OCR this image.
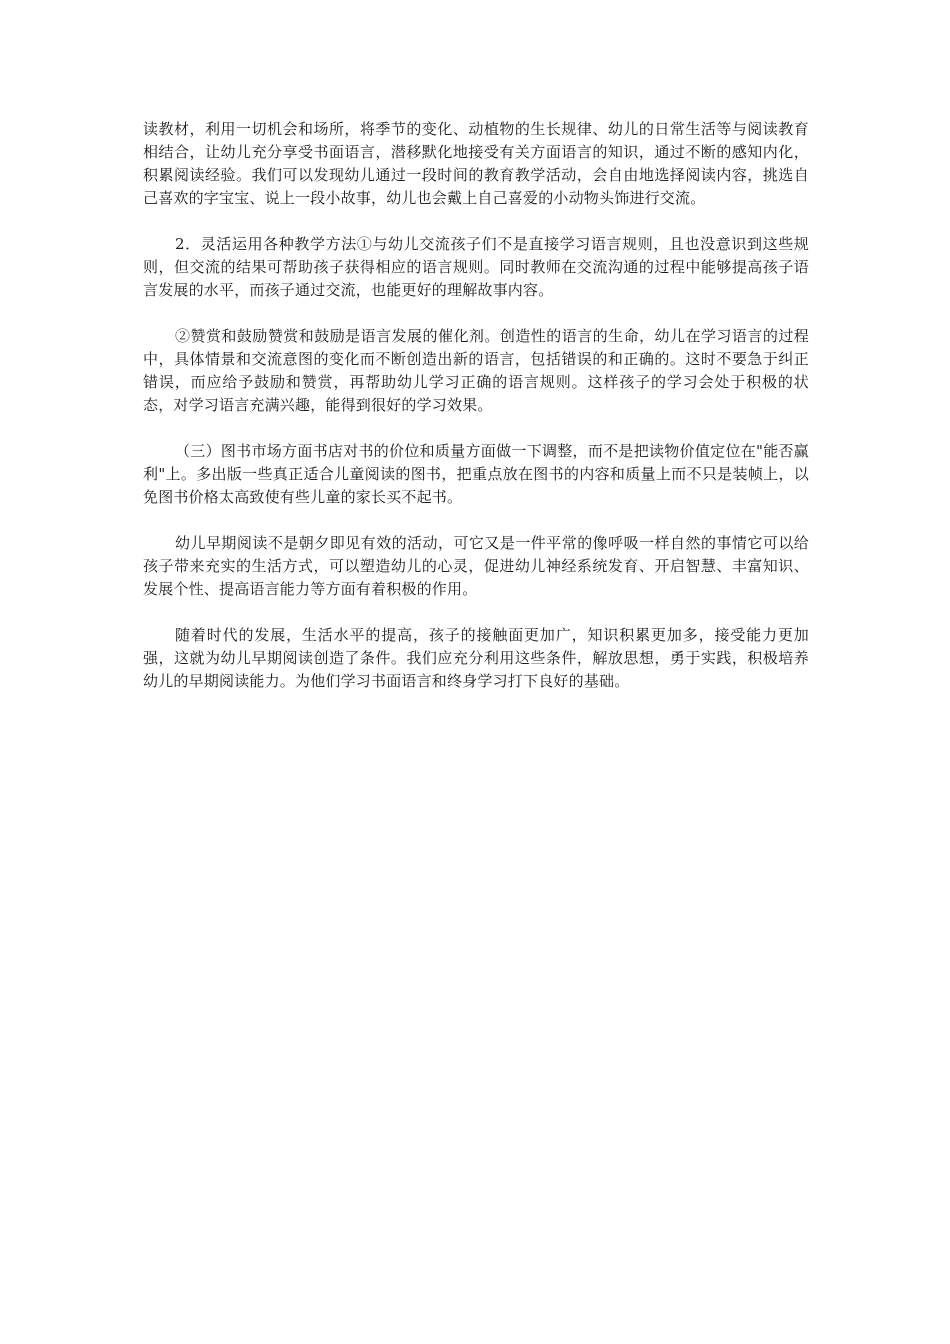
读教材，利用一切机会和场所，将季节的变化、动植物的生长规律、幼儿的日常生活等与阅读教育相结合，让幼儿充分享受书面语言，潜移默化地接受有关方面语言的知识，通过不断的感知内化，积累阅读经验。我们可以发现幼儿通过一段时间的教育教学活动，会自由地选择阅读内容，挑选自己喜欢的字宝宝、说上一段小故事，幼儿也会戴上自己喜爱的小动物头饰进行交流。

2．灵活运用各种教学方法①与幼儿交流孩子们不是直接学习语言规则，且也没意识到这些规则，但交流的结果可帮助孩子获得相应的语言规则。同时教师在交流沟通的过程中能够提高孩子语言发展的水平，而孩子通过交流，也能更好的理解故事内容。

②赞赏和鼓励赞赏和鼓励是语言发展的催化剂。创造性的语言的生命，幼儿在学习语言的过程中，具体情景和交流意图的变化而不断创造出新的语言，包括错误的和正确的。这时不要急于纠正错误，而应给予鼓励和赞赏，再帮助幼儿学习正确的语言规则。这样孩子的学习会处于积极的状态，对学习语言充满兴趣，能得到很好的学习效果。

（三）图书市场方面书店对书的价位和质量方面做一下调整，而不是把读物价值定位在"能否赢利"上。多出版一些真正适合儿童阅读的图书，把重点放在图书的内容和质量上而不只是装帧上，以免图书价格太高致使有些儿童的家长买不起书。

幼儿早期阅读不是朝夕即见有效的活动，可它又是一件平常的像呼吸一样自然的事情它可以给孩子带来充实的生活方式，可以塑造幼儿的心灵，促进幼儿神经系统发育、开启智慧、丰富知识、发展个性、提高语言能力等方面有着积极的作用。

随着时代的发展，生活水平的提高，孩子的接触面更加广，知识积累更加多，接受能力更加强，这就为幼儿早期阅读创造了条件。我们应充分利用这些条件，解放思想，勇于实践，积极培养幼儿的早期阅读能力。为他们学习书面语言和终身学习打下良好的基础。
